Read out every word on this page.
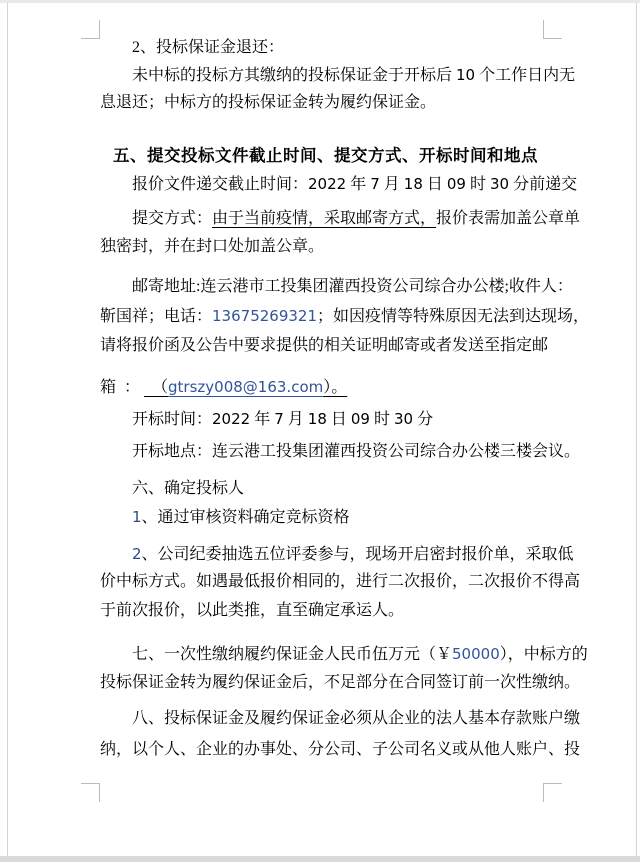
2、投标保证金退还：
未中标的投标方其缴纳的投标保证金于开标后 10 个工作日内无
息退还；中标方的投标保证金转为履约保证金。
五、提交投标文件截止时间、提交方式、开标时间和地点
报价文件递交截止时间：2022 年 7 月 18 日 09 时 30 分前递交
提交方式：由于当前疫情，采取邮寄方式，报价表需加盖公章单
独密封，并在封口处加盖公章。
邮寄地址:连云港市工投集团灌西投资公司综合办公楼;收件人：
靳国祥；电话：13675269321；如因疫情等特殊原因无法到达现场，
请将报价函及公告中要求提供的相关证明邮寄或者发送至指定邮
箱  ：   （gtrszy008@163.com）。
开标时间：2022 年 7 月 18 日 09 时 30 分
开标地点：连云港工投集团灌西投资公司综合办公楼三楼会议。
六、确定投标人
1、通过审核资料确定竞标资格
2、公司纪委抽选五位评委参与，现场开启密封报价单，采取低
价中标方式。如遇最低报价相同的，进行二次报价，二次报价不得高
于前次报价，以此类推，直至确定承运人。
七、一次性缴纳履约保证金人民币伍万元（￥50000），中标方的
投标保证金转为履约保证金后，不足部分在合同签订前一次性缴纳。
八、投标保证金及履约保证金必须从企业的法人基本存款账户缴
纳，以个人、企业的办事处、分公司、子公司名义或从他人账户、投
